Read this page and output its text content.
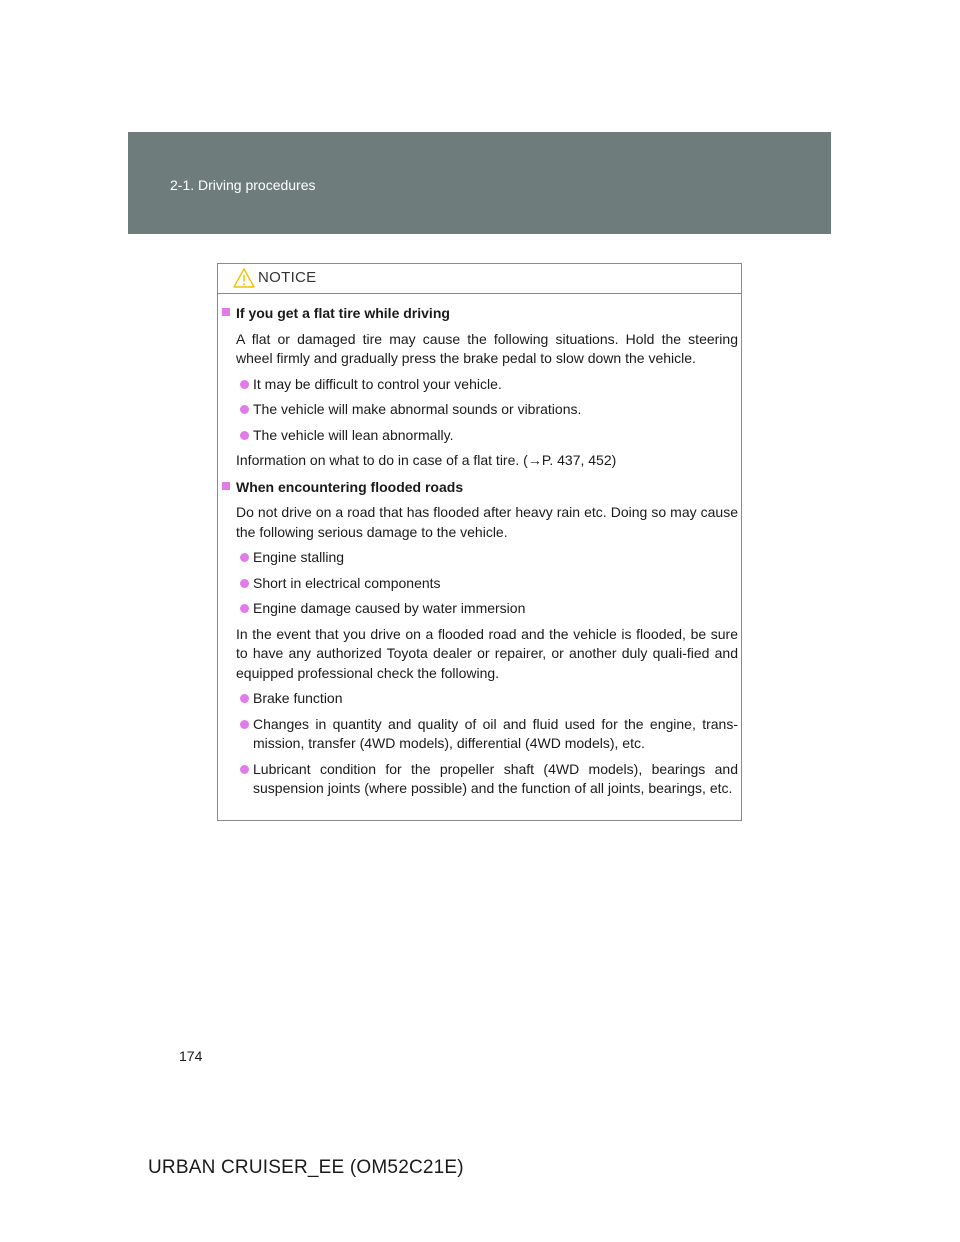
2-1. Driving procedures
NOTICE
If you get a flat tire while driving
A flat or damaged tire may cause the following situations. Hold the steering wheel firmly and gradually press the brake pedal to slow down the vehicle.
It may be difficult to control your vehicle.
The vehicle will make abnormal sounds or vibrations.
The vehicle will lean abnormally.
Information on what to do in case of a flat tire. (→P. 437, 452)
When encountering flooded roads
Do not drive on a road that has flooded after heavy rain etc. Doing so may cause the following serious damage to the vehicle.
Engine stalling
Short in electrical components
Engine damage caused by water immersion
In the event that you drive on a flooded road and the vehicle is flooded, be sure to have any authorized Toyota dealer or repairer, or another duly quali-fied and equipped professional check the following.
Brake function
Changes in quantity and quality of oil and fluid used for the engine, trans-mission, transfer (4WD models), differential (4WD models), etc.
Lubricant condition for the propeller shaft (4WD models), bearings and suspension joints (where possible) and the function of all joints, bearings, etc.
174
URBAN CRUISER_EE (OM52C21E)
